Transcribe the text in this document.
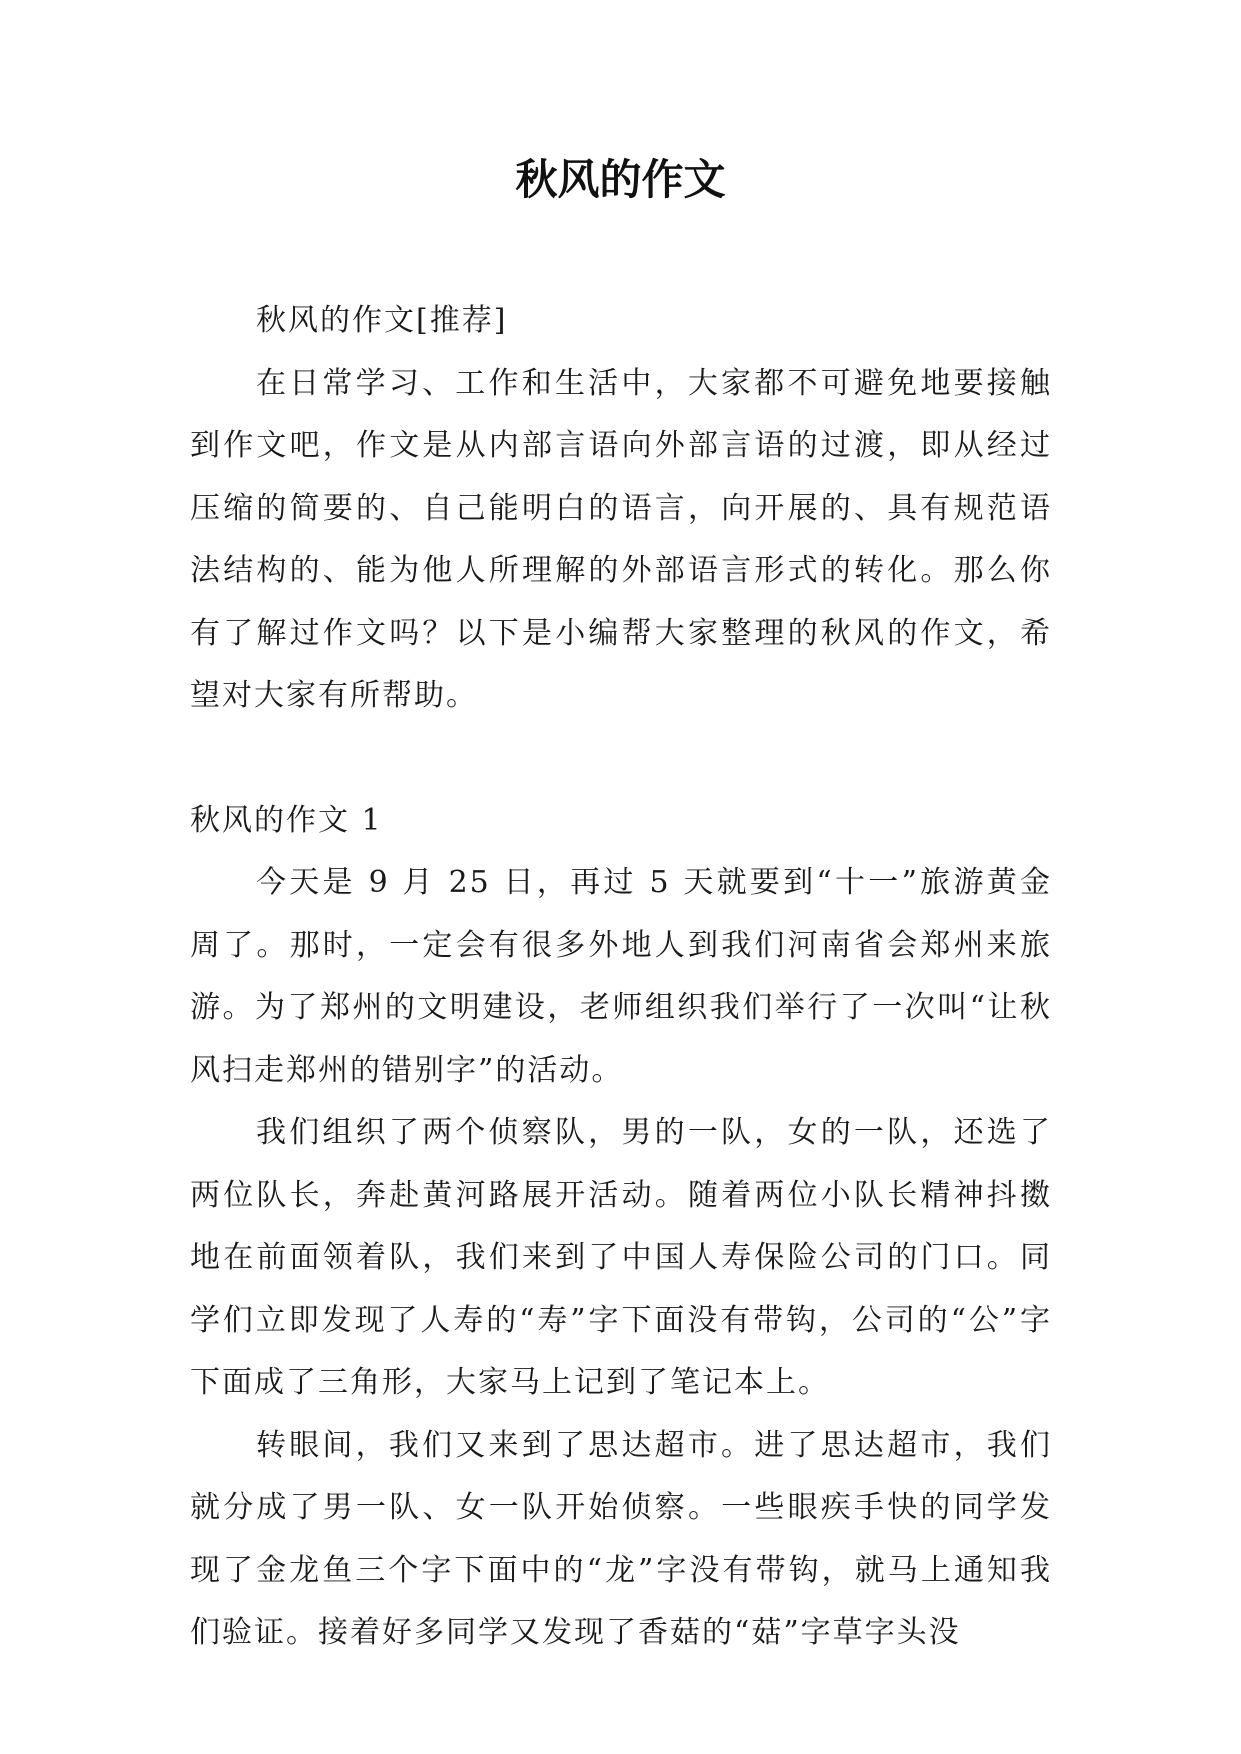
秋风的作文

秋风的作文[推荐]

在日常学习、工作和生活中，大家都不可避免地要接触到作文吧，作文是从内部言语向外部言语的过渡，即从经过压缩的简要的、自己能明白的语言，向开展的、具有规范语法结构的、能为他人所理解的外部语言形式的转化。那么你有了解过作文吗？以下是小编帮大家整理的秋风的作文，希望对大家有所帮助。

秋风的作文 1

今天是 9 月 25 日，再过 5 天就要到“十一”旅游黄金周了。那时，一定会有很多外地人到我们河南省会郑州来旅游。为了郑州的文明建设，老师组织我们举行了一次叫“让秋风扫走郑州的错别字”的活动。

我们组织了两个侦察队，男的一队，女的一队，还选了两位队长，奔赴黄河路展开活动。随着两位小队长精神抖擞地在前面领着队，我们来到了中国人寿保险公司的门口。同学们立即发现了人寿的“寿”字下面没有带钩，公司的“公”字下面成了三角形，大家马上记到了笔记本上。

转眼间，我们又来到了思达超市。进了思达超市，我们就分成了男一队、女一队开始侦察。一些眼疾手快的同学发现了金龙鱼三个字下面中的“龙”字没有带钩，就马上通知我们验证。接着好多同学又发现了香菇的“菇”字草字头没
